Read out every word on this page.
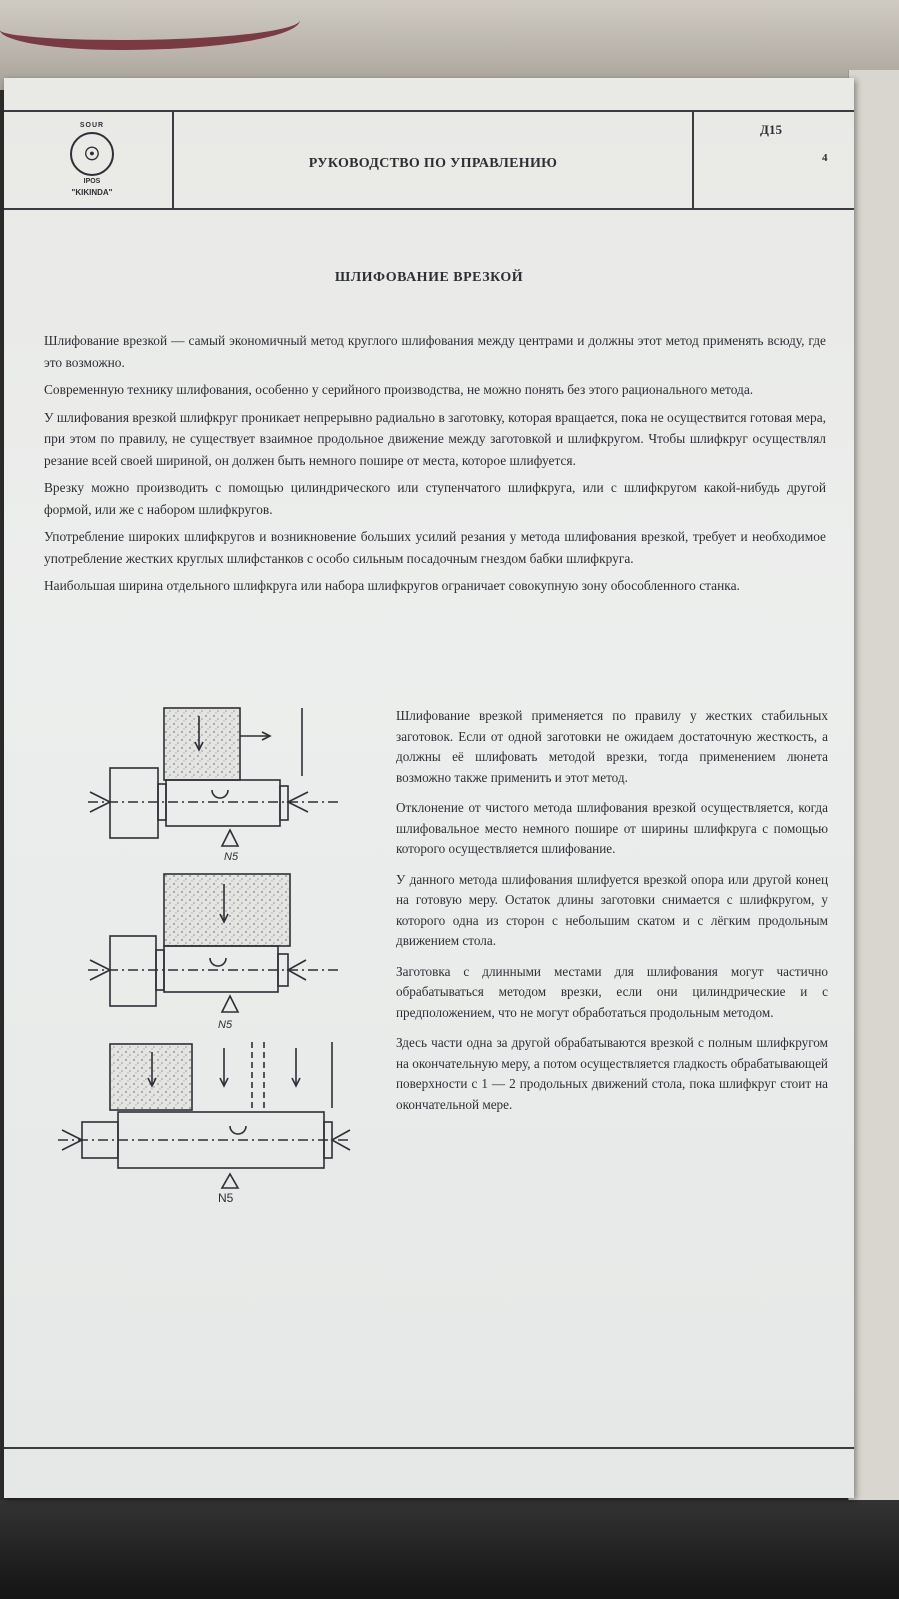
SOUR
☉
IPOS
"KIKINDA"
РУКОВОДСТВО ПО УПРАВЛЕНИЮ
Д15
4
ШЛИФОВАНИЕ ВРЕЗКОЙ

Шлифование врезкой — самый экономичный метод круглого шлифования между центрами и должны этот метод применять всюду, где это возможно.

Современную технику шлифования, особенно у серийного производства, не можно понять без этого рационального метода.

У шлифования врезкой шлифкруг проникает непрерывно радиально в заготовку, которая вращается, пока не осуществится готовая мера, при этом по правилу, не существует взаимное продольное движение между заготовкой и шлифкругом. Чтобы шлифкруг осуществлял резание всей своей шириной, он должен быть немного пошире от места, которое шлифуется.

Врезку можно производить с помощью цилиндрического или ступенчатого шлифкруга, или с шлифкругом какой-нибудь другой формой, или же с набором шлифкругов.

Употребление широких шлифкругов и возникновение больших усилий резания у метода шлифования врезкой, требует и необходимое употребление жестких круглых шлифстанков с особо сильным посадочным гнездом бабки шлифкруга.

Наибольшая ширина отдельного шлифкруга или набора шлифкругов ограничает совокупную зону обособленного станка.

N5
N5
N5

Шлифование врезкой применяется по правилу у жестких стабильных заготовок. Если от одной заготовки не ожидаем достаточную жесткость, а должны её шлифовать методой врезки, тогда применением люнета возможно также применить и этот метод.

Отклонение от чистого метода шлифования врезкой осуществляется, когда шлифовальное место немного пошире от ширины шлифкруга с помощью которого осуществляется шлифование.

У данного метода шлифования шлифуется врезкой опора или другой конец на готовую меру. Остаток длины заготовки снимается с шлифкругом, у которого одна из сторон с небольшим скатом и с лёгким продольным движением стола.

Заготовка с длинными местами для шлифования могут частично обрабатываться методом врезки, если они цилиндрические и с предположением, что не могут обработаться продольным методом.

Здесь части одна за другой обрабатываются врезкой с полным шлифкругом на окончательную меру, а потом осуществляется гладкость обрабатывающей поверхности с 1 — 2 продольных движений стола, пока шлифкруг стоит на окончательной мере.
